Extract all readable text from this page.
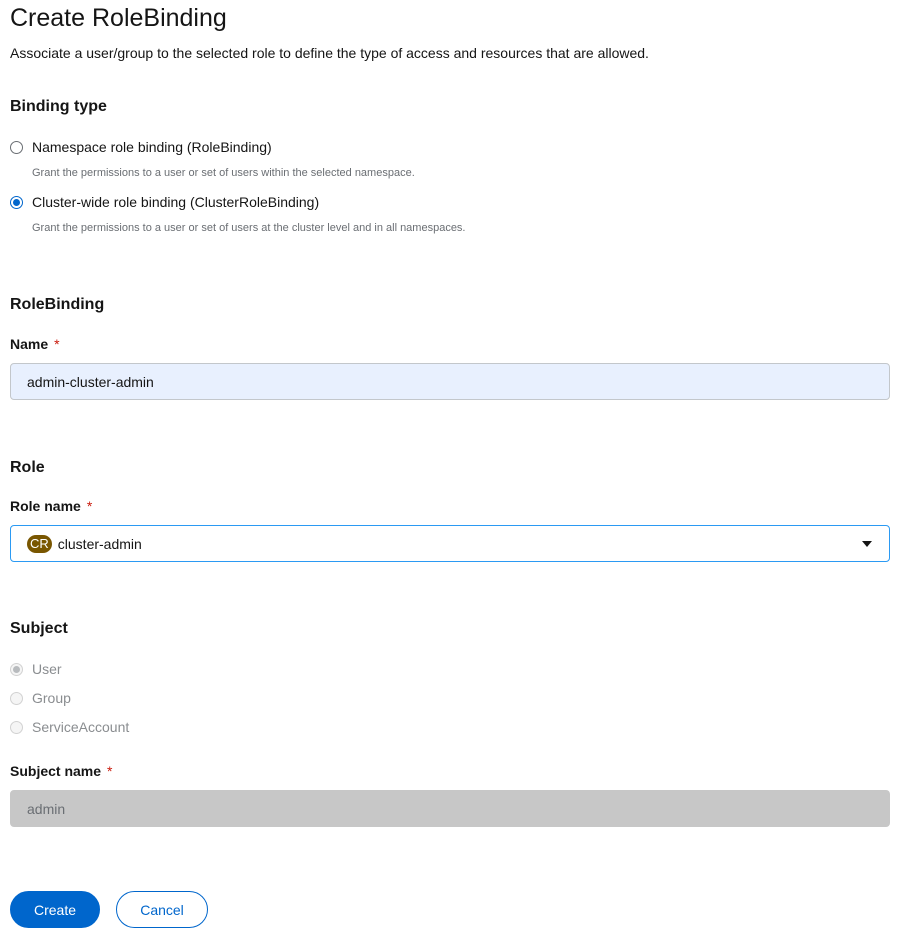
Create RoleBinding

Associate a user/group to the selected role to define the type of access and resources that are allowed.

Binding type
Namespace role binding (RoleBinding)
Grant the permissions to a user or set of users within the selected namespace.
Cluster-wide role binding (ClusterRoleBinding)
Grant the permissions to a user or set of users at the cluster level and in all namespaces.
RoleBinding
Name *
admin-cluster-admin
Role
Role name *
CR cluster-admin
Subject
User
Group
ServiceAccount
Subject name *
admin
Create	Cancel
